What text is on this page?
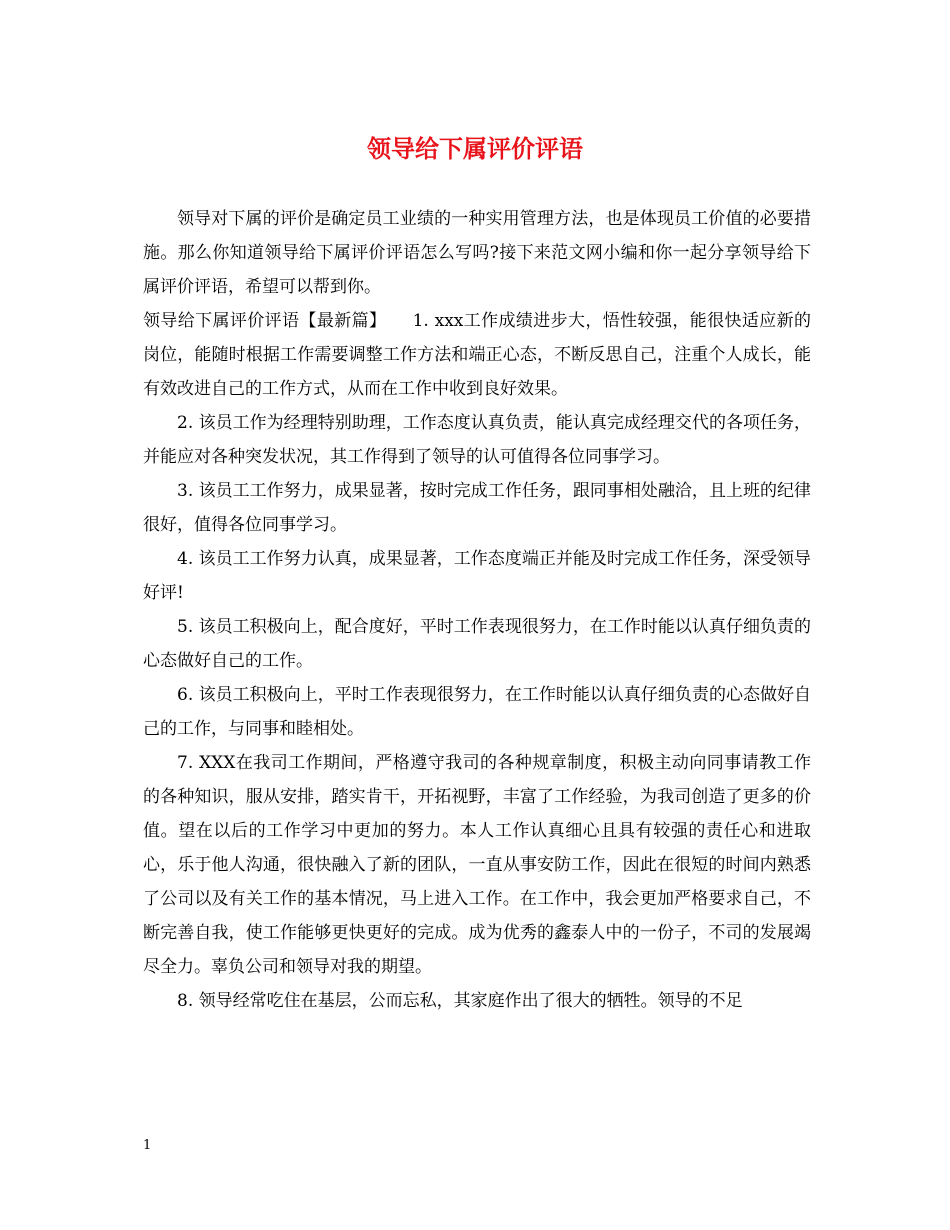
领导给下属评价评语

领导对下属的评价是确定员工业绩的一种实用管理方法，也是体现员工价值的必要措施。那么你知道领导给下属评价评语怎么写吗?接下来范文网小编和你一起分享领导给下属评价评语，希望可以帮到你。

领导给下属评价评语【最新篇】　　1. xxx工作成绩进步大，悟性较强，能很快适应新的岗位，能随时根据工作需要调整工作方法和端正心态，不断反思自己，注重个人成长，能有效改进自己的工作方式，从而在工作中收到良好效果。

2. 该员工作为经理特别助理，工作态度认真负责，能认真完成经理交代的各项任务，并能应对各种突发状况，其工作得到了领导的认可值得各位同事学习。

3. 该员工工作努力，成果显著，按时完成工作任务，跟同事相处融洽，且上班的纪律很好，值得各位同事学习。

4. 该员工工作努力认真，成果显著，工作态度端正并能及时完成工作任务，深受领导好评!

5. 该员工积极向上，配合度好，平时工作表现很努力，在工作时能以认真仔细负责的心态做好自己的工作。

6. 该员工积极向上，平时工作表现很努力，在工作时能以认真仔细负责的心态做好自己的工作，与同事和睦相处。

7. XXX在我司工作期间，严格遵守我司的各种规章制度，积极主动向同事请教工作的各种知识，服从安排，踏实肯干，开拓视野，丰富了工作经验，为我司创造了更多的价值。望在以后的工作学习中更加的努力。本人工作认真细心且具有较强的责任心和进取心，乐于他人沟通，很快融入了新的团队，一直从事安防工作，因此在很短的时间内熟悉了公司以及有关工作的基本情况，马上进入工作。在工作中，我会更加严格要求自己，不断完善自我，使工作能够更快更好的完成。成为优秀的鑫泰人中的一份子，不司的发展竭尽全力。辜负公司和领导对我的期望。

8. 领导经常吃住在基层，公而忘私，其家庭作出了很大的牺牲。领导的不足

1
